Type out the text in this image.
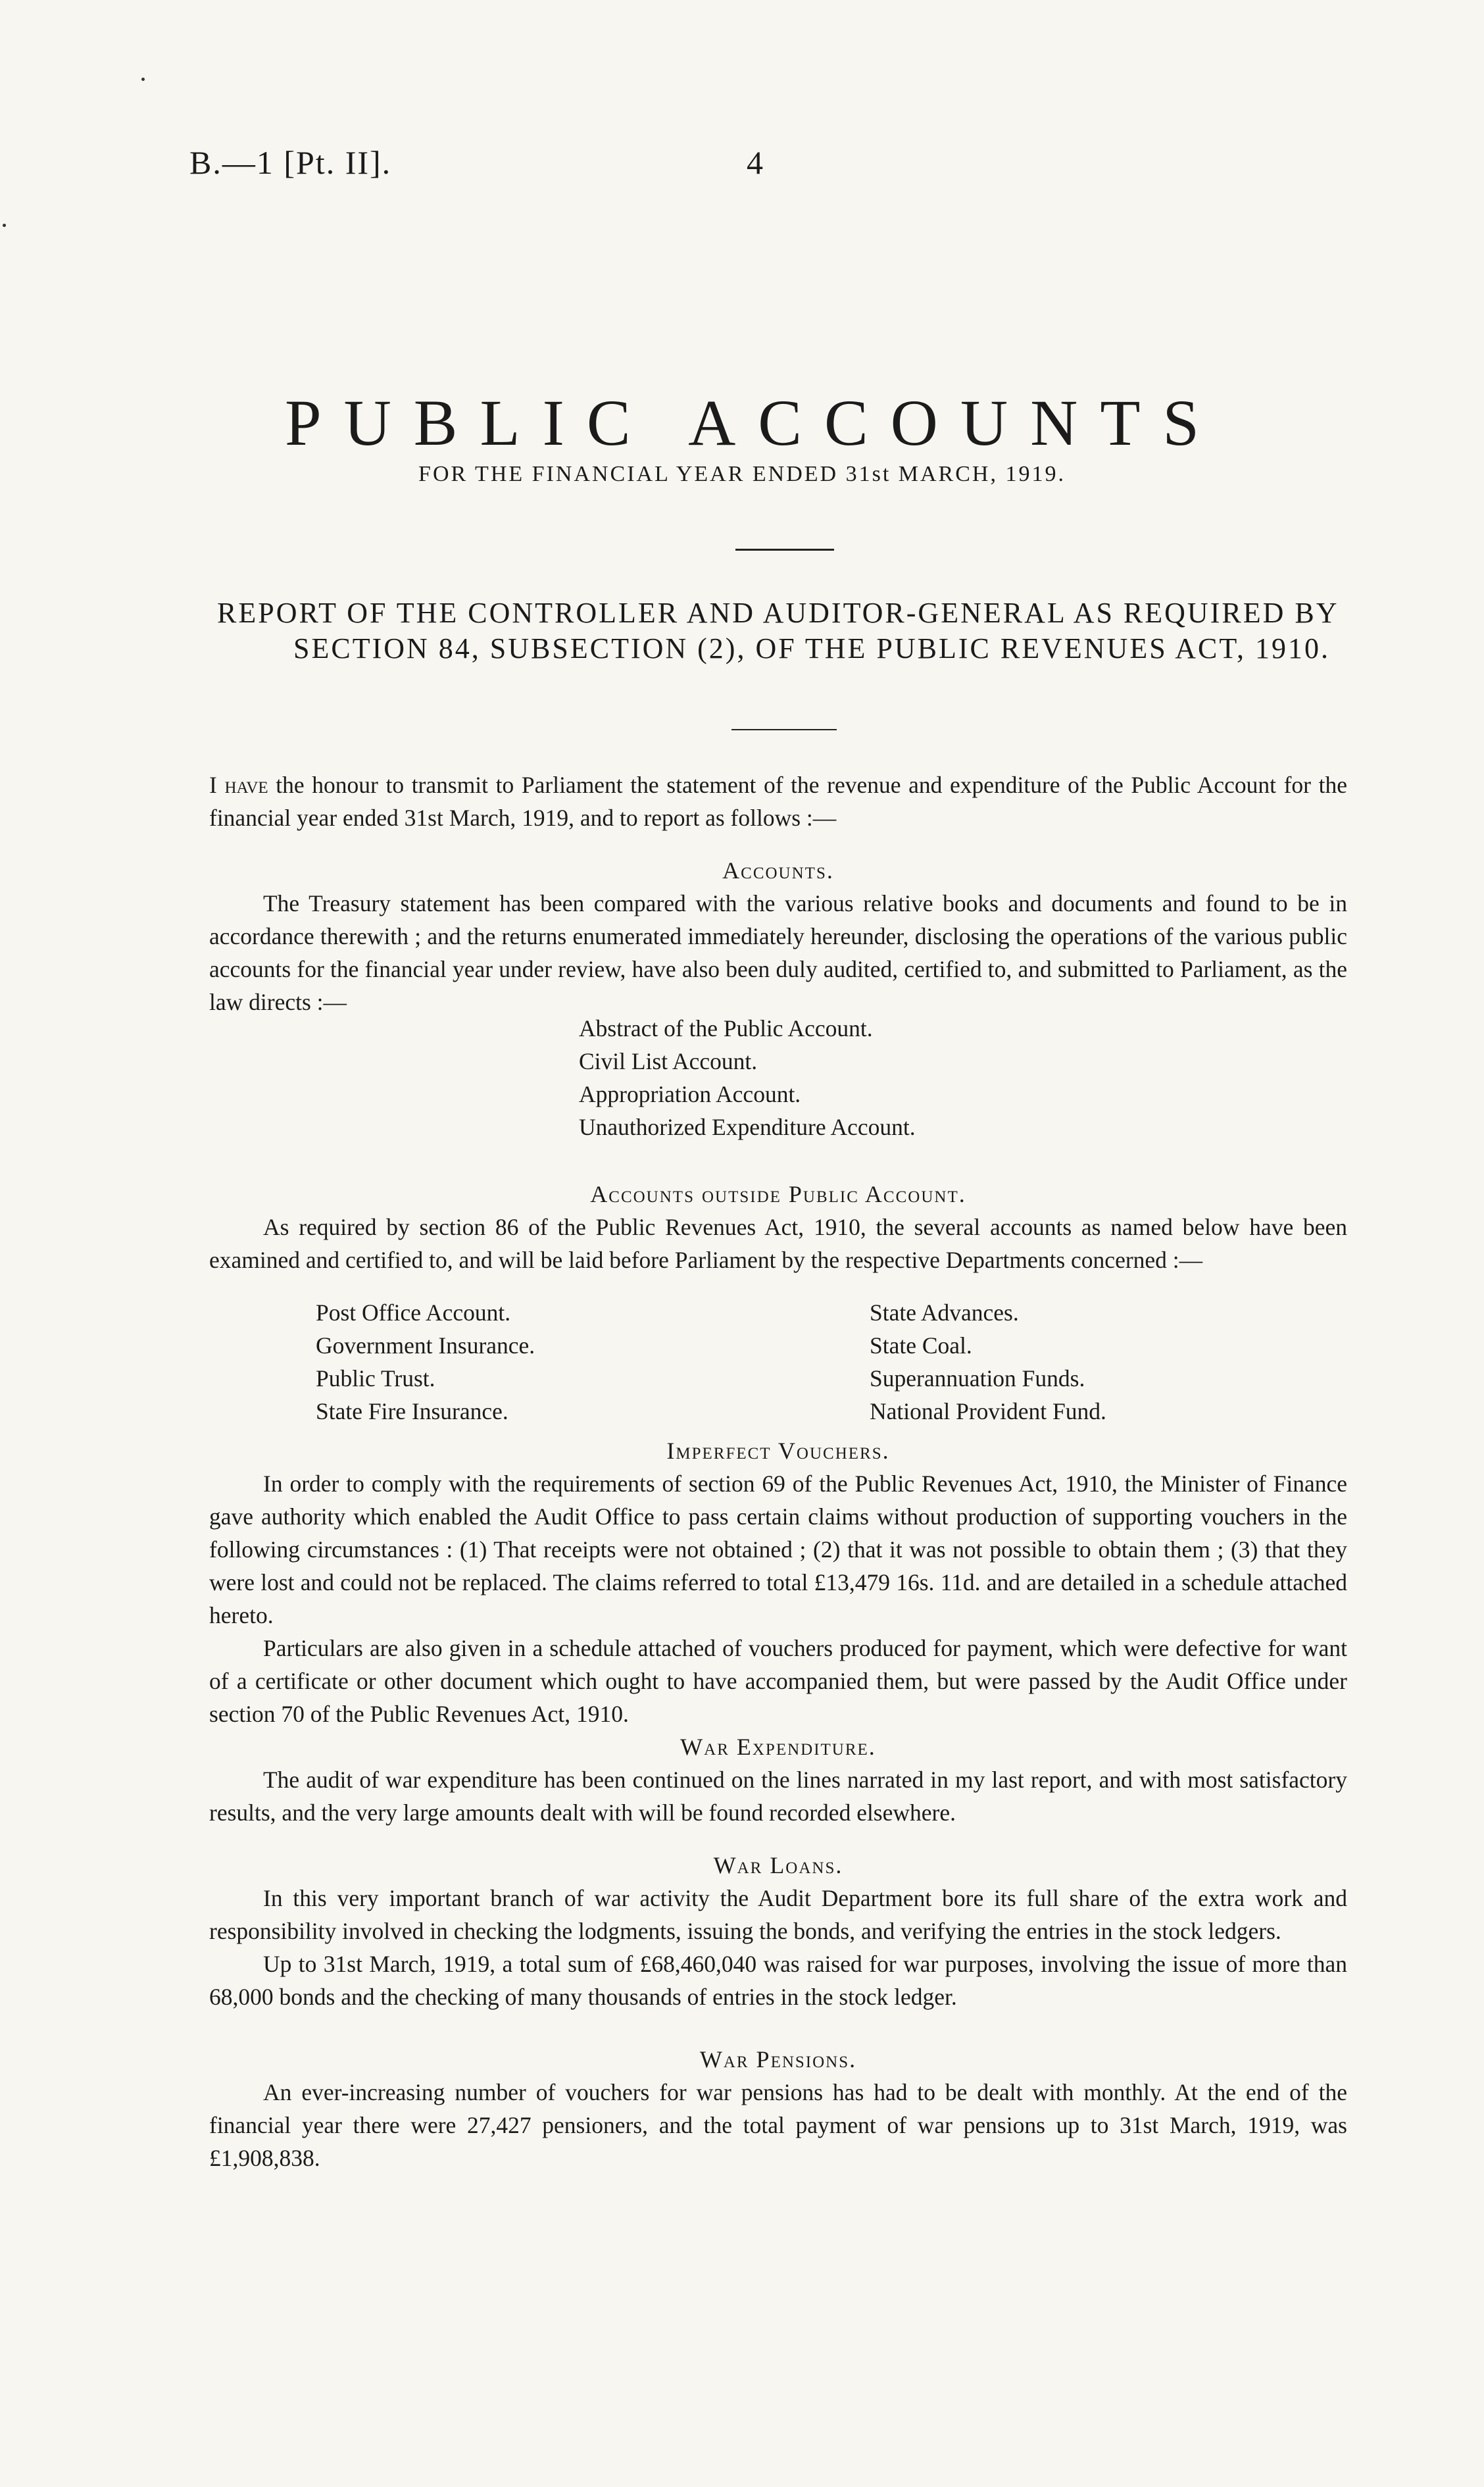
B.—1 [Pt. II].	4
PUBLIC ACCOUNTS
FOR THE FINANCIAL YEAR ENDED 31st MARCH, 1919.
REPORT OF THE CONTROLLER AND AUDITOR-GENERAL AS REQUIRED BY
SECTION 84, SUBSECTION (2), OF THE PUBLIC REVENUES ACT, 1910.

I have the honour to transmit to Parliament the statement of the revenue and expenditure of the Public Account for the financial year ended 31st March, 1919, and to report as follows :—

Accounts.

The Treasury statement has been compared with the various relative books and documents and found to be in accordance therewith ; and the returns enumerated immediately hereunder, disclosing the operations of the various public accounts for the financial year under review, have also been duly audited, certified to, and submitted to Parliament, as the law directs :—

Abstract of the Public Account.
Civil List Account.
Appropriation Account.
Unauthorized Expenditure Account.

Accounts outside Public Account.

As required by section 86 of the Public Revenues Act, 1910, the several accounts as named below have been examined and certified to, and will be laid before Parliament by the respective Departments concerned :—

Post Office Account.
Government Insurance.
Public Trust.
State Fire Insurance.
State Advances.
State Coal.
Superannuation Funds.
National Provident Fund.

Imperfect Vouchers.

In order to comply with the requirements of section 69 of the Public Revenues Act, 1910, the Minister of Finance gave authority which enabled the Audit Office to pass certain claims without production of supporting vouchers in the following circumstances : (1) That receipts were not obtained ; (2) that it was not possible to obtain them ; (3) that they were lost and could not be replaced. The claims referred to total £13,479 16s. 11d. and are detailed in a schedule attached hereto.

Particulars are also given in a schedule attached of vouchers produced for payment, which were defective for want of a certificate or other document which ought to have accompanied them, but were passed by the Audit Office under section 70 of the Public Revenues Act, 1910.

War Expenditure.

The audit of war expenditure has been continued on the lines narrated in my last report, and with most satisfactory results, and the very large amounts dealt with will be found recorded elsewhere.

War Loans.

In this very important branch of war activity the Audit Department bore its full share of the extra work and responsibility involved in checking the lodgments, issuing the bonds, and verifying the entries in the stock ledgers.

Up to 31st March, 1919, a total sum of £68,460,040 was raised for war purposes, involving the issue of more than 68,000 bonds and the checking of many thousands of entries in the stock ledger.

War Pensions.

An ever-increasing number of vouchers for war pensions has had to be dealt with monthly. At the end of the financial year there were 27,427 pensioners, and the total payment of war pensions up to 31st March, 1919, was £1,908,838.
